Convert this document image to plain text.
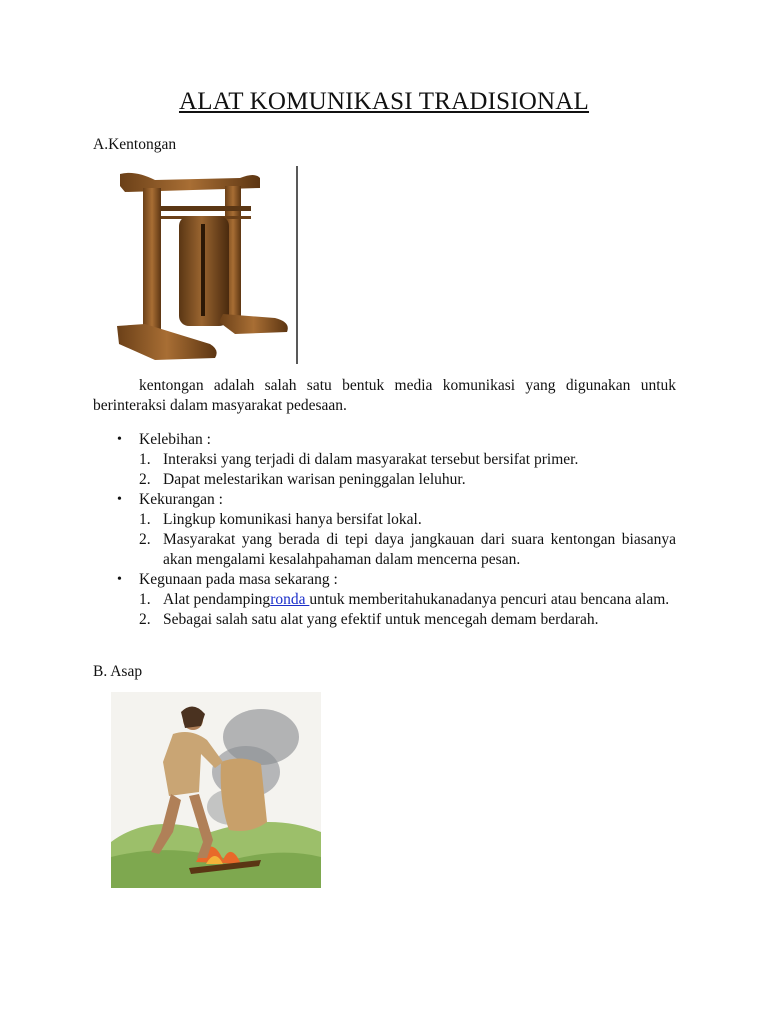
ALAT KOMUNIKASI TRADISIONAL
A.Kentongan
kentongan adalah salah satu bentuk media komunikasi yang digunakan untuk berinteraksi dalam masyarakat pedesaan.
• Kelebihan :
1. Interaksi yang terjadi di dalam masyarakat tersebut bersifat primer.
2. Dapat melestarikan warisan peninggalan leluhur.
• Kekurangan :
1. Lingkup komunikasi hanya bersifat lokal.
2. Masyarakat yang berada di tepi daya jangkauan dari suara kentongan biasanya akan mengalami kesalahpahaman dalam mencerna pesan.
• Kegunaan pada masa sekarang :
1. Alat pendampingronda untuk memberitahukanadanya pencuri atau bencana alam.
2. Sebagai salah satu alat yang efektif untuk mencegah demam berdarah.
B. Asap
